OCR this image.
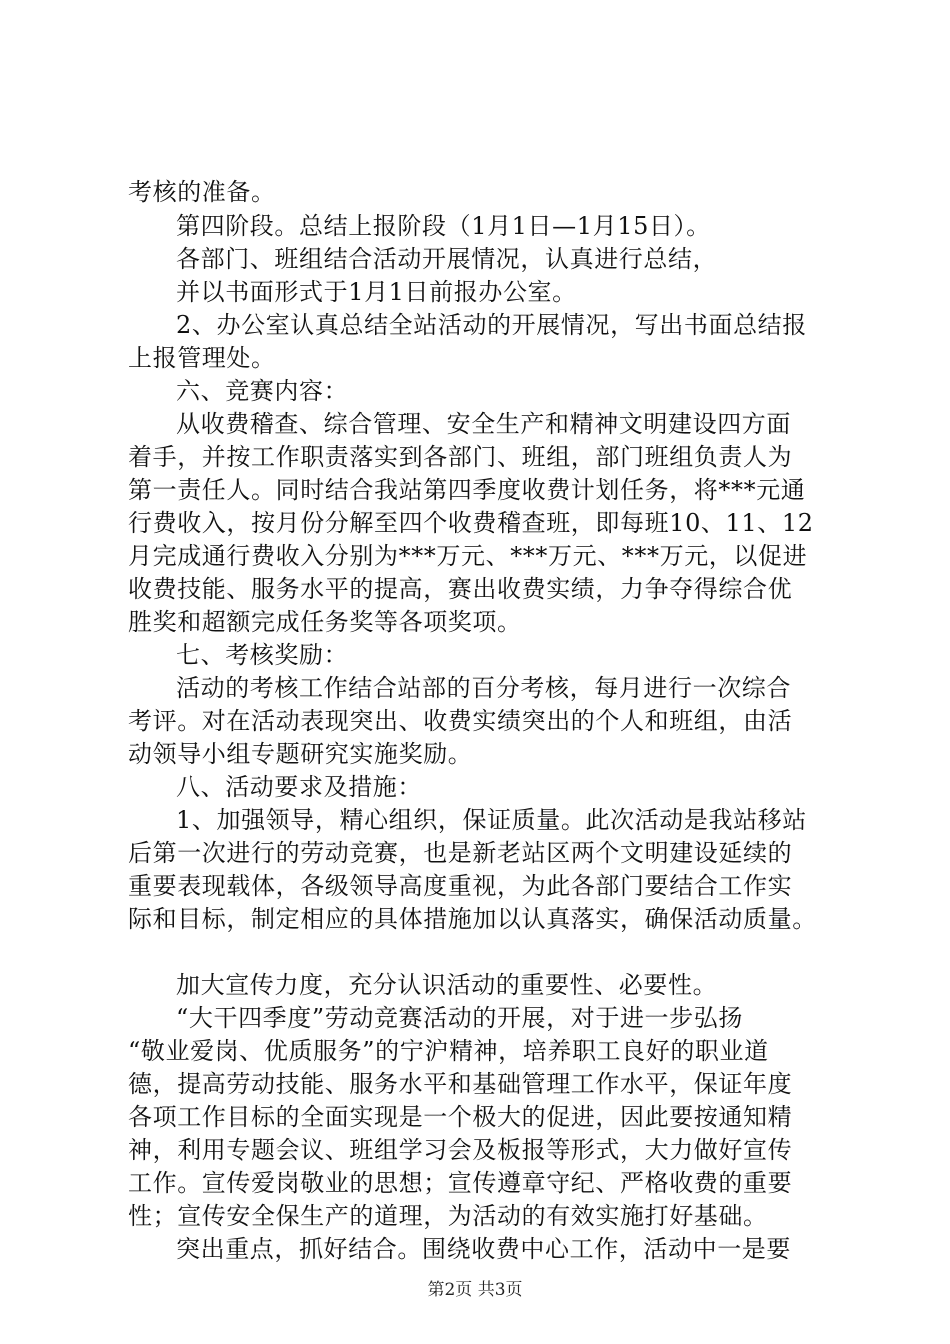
考核的准备。
第四阶段。总结上报阶段（1月1日—1月15日）。
各部门、班组结合活动开展情况，认真进行总结，
并以书面形式于1月1日前报办公室。
2、办公室认真总结全站活动的开展情况，写出书面总结报
上报管理处。
六、竞赛内容：
从收费稽查、综合管理、安全生产和精神文明建设四方面
着手，并按工作职责落实到各部门、班组，部门班组负责人为
第一责任人。同时结合我站第四季度收费计划任务，将***元通
行费收入，按月份分解至四个收费稽查班，即每班10、11、12
月完成通行费收入分别为***万元、***万元、***万元，以促进
收费技能、服务水平的提高，赛出收费实绩，力争夺得综合优
胜奖和超额完成任务奖等各项奖项。
七、考核奖励：
活动的考核工作结合站部的百分考核，每月进行一次综合
考评。对在活动表现突出、收费实绩突出的个人和班组，由活
动领导小组专题研究实施奖励。
八、活动要求及措施：
1、加强领导，精心组织，保证质量。此次活动是我站移站
后第一次进行的劳动竞赛，也是新老站区两个文明建设延续的
重要表现载体，各级领导高度重视，为此各部门要结合工作实
际和目标，制定相应的具体措施加以认真落实，确保活动质量。
加大宣传力度，充分认识活动的重要性、必要性。
“大干四季度”劳动竞赛活动的开展，对于进一步弘扬
“敬业爱岗、优质服务”的宁沪精神，培养职工良好的职业道
德，提高劳动技能、服务水平和基础管理工作水平，保证年度
各项工作目标的全面实现是一个极大的促进，因此要按通知精
神，利用专题会议、班组学习会及板报等形式，大力做好宣传
工作。宣传爱岗敬业的思想；宣传遵章守纪、严格收费的重要
性；宣传安全保生产的道理，为活动的有效实施打好基础。
突出重点，抓好结合。围绕收费中心工作，活动中一是要
第2页 共3页
